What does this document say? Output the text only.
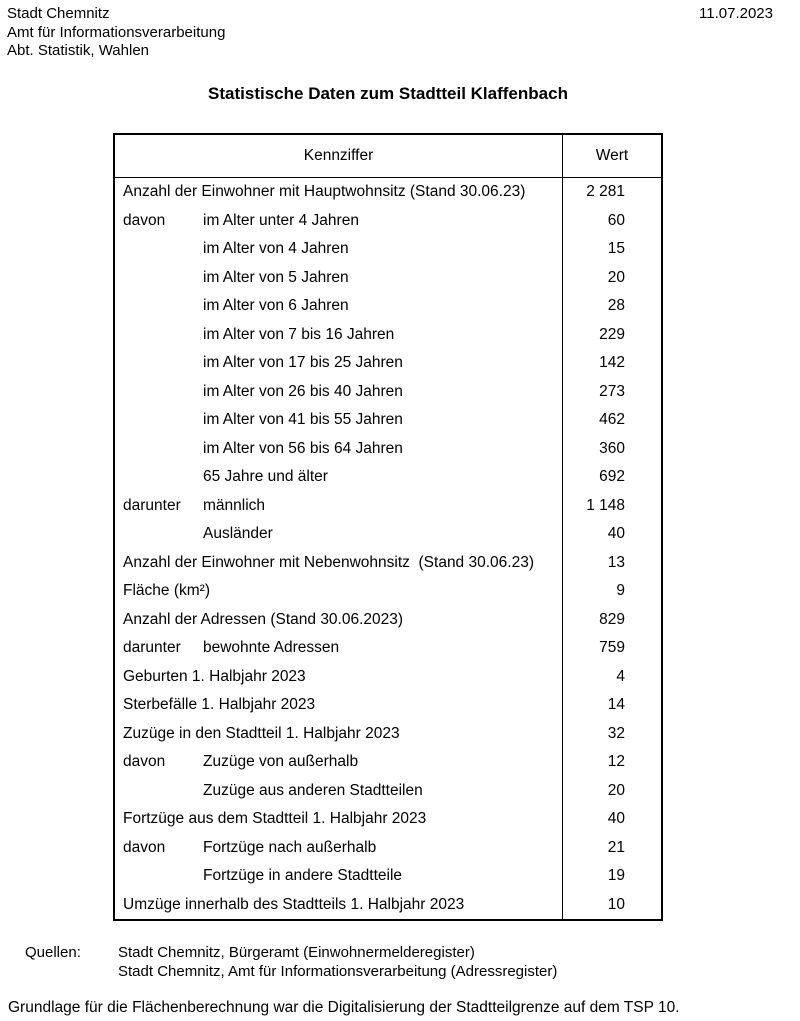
Stadt Chemnitz
Amt für Informationsverarbeitung
Abt. Statistik, Wahlen
11.07.2023
Statistische Daten zum Stadtteil Klaffenbach
Kennziffer	Wert
Anzahl der Einwohner mit Hauptwohnsitz (Stand 30.06.23)	2 281
davon	im Alter unter 4 Jahren	60
im Alter von 4 Jahren	15
im Alter von 5 Jahren	20
im Alter von 6 Jahren	28
im Alter von 7 bis 16 Jahren	229
im Alter von 17 bis 25 Jahren	142
im Alter von 26 bis 40 Jahren	273
im Alter von 41 bis 55 Jahren	462
im Alter von 56 bis 64 Jahren	360
65 Jahre und älter	692
darunter	männlich	1 148
Ausländer	40
Anzahl der Einwohner mit Nebenwohnsitz  (Stand 30.06.23)	13
Fläche (km²)	9
Anzahl der Adressen (Stand 30.06.2023)	829
darunter	bewohnte Adressen	759
Geburten 1. Halbjahr 2023	4
Sterbefälle 1. Halbjahr 2023	14
Zuzüge in den Stadtteil 1. Halbjahr 2023	32
davon	Zuzüge von außerhalb	12
Zuzüge aus anderen Stadtteilen	20
Fortzüge aus dem Stadtteil 1. Halbjahr 2023	40
davon	Fortzüge nach außerhalb	21
Fortzüge in andere Stadtteile	19
Umzüge innerhalb des Stadtteils 1. Halbjahr 2023	10
Quellen:	Stadt Chemnitz, Bürgeramt (Einwohnermelderegister)
Stadt Chemnitz, Amt für Informationsverarbeitung (Adressregister)
Grundlage für die Flächenberechnung war die Digitalisierung der Stadtteilgrenze auf dem TSP 10.
